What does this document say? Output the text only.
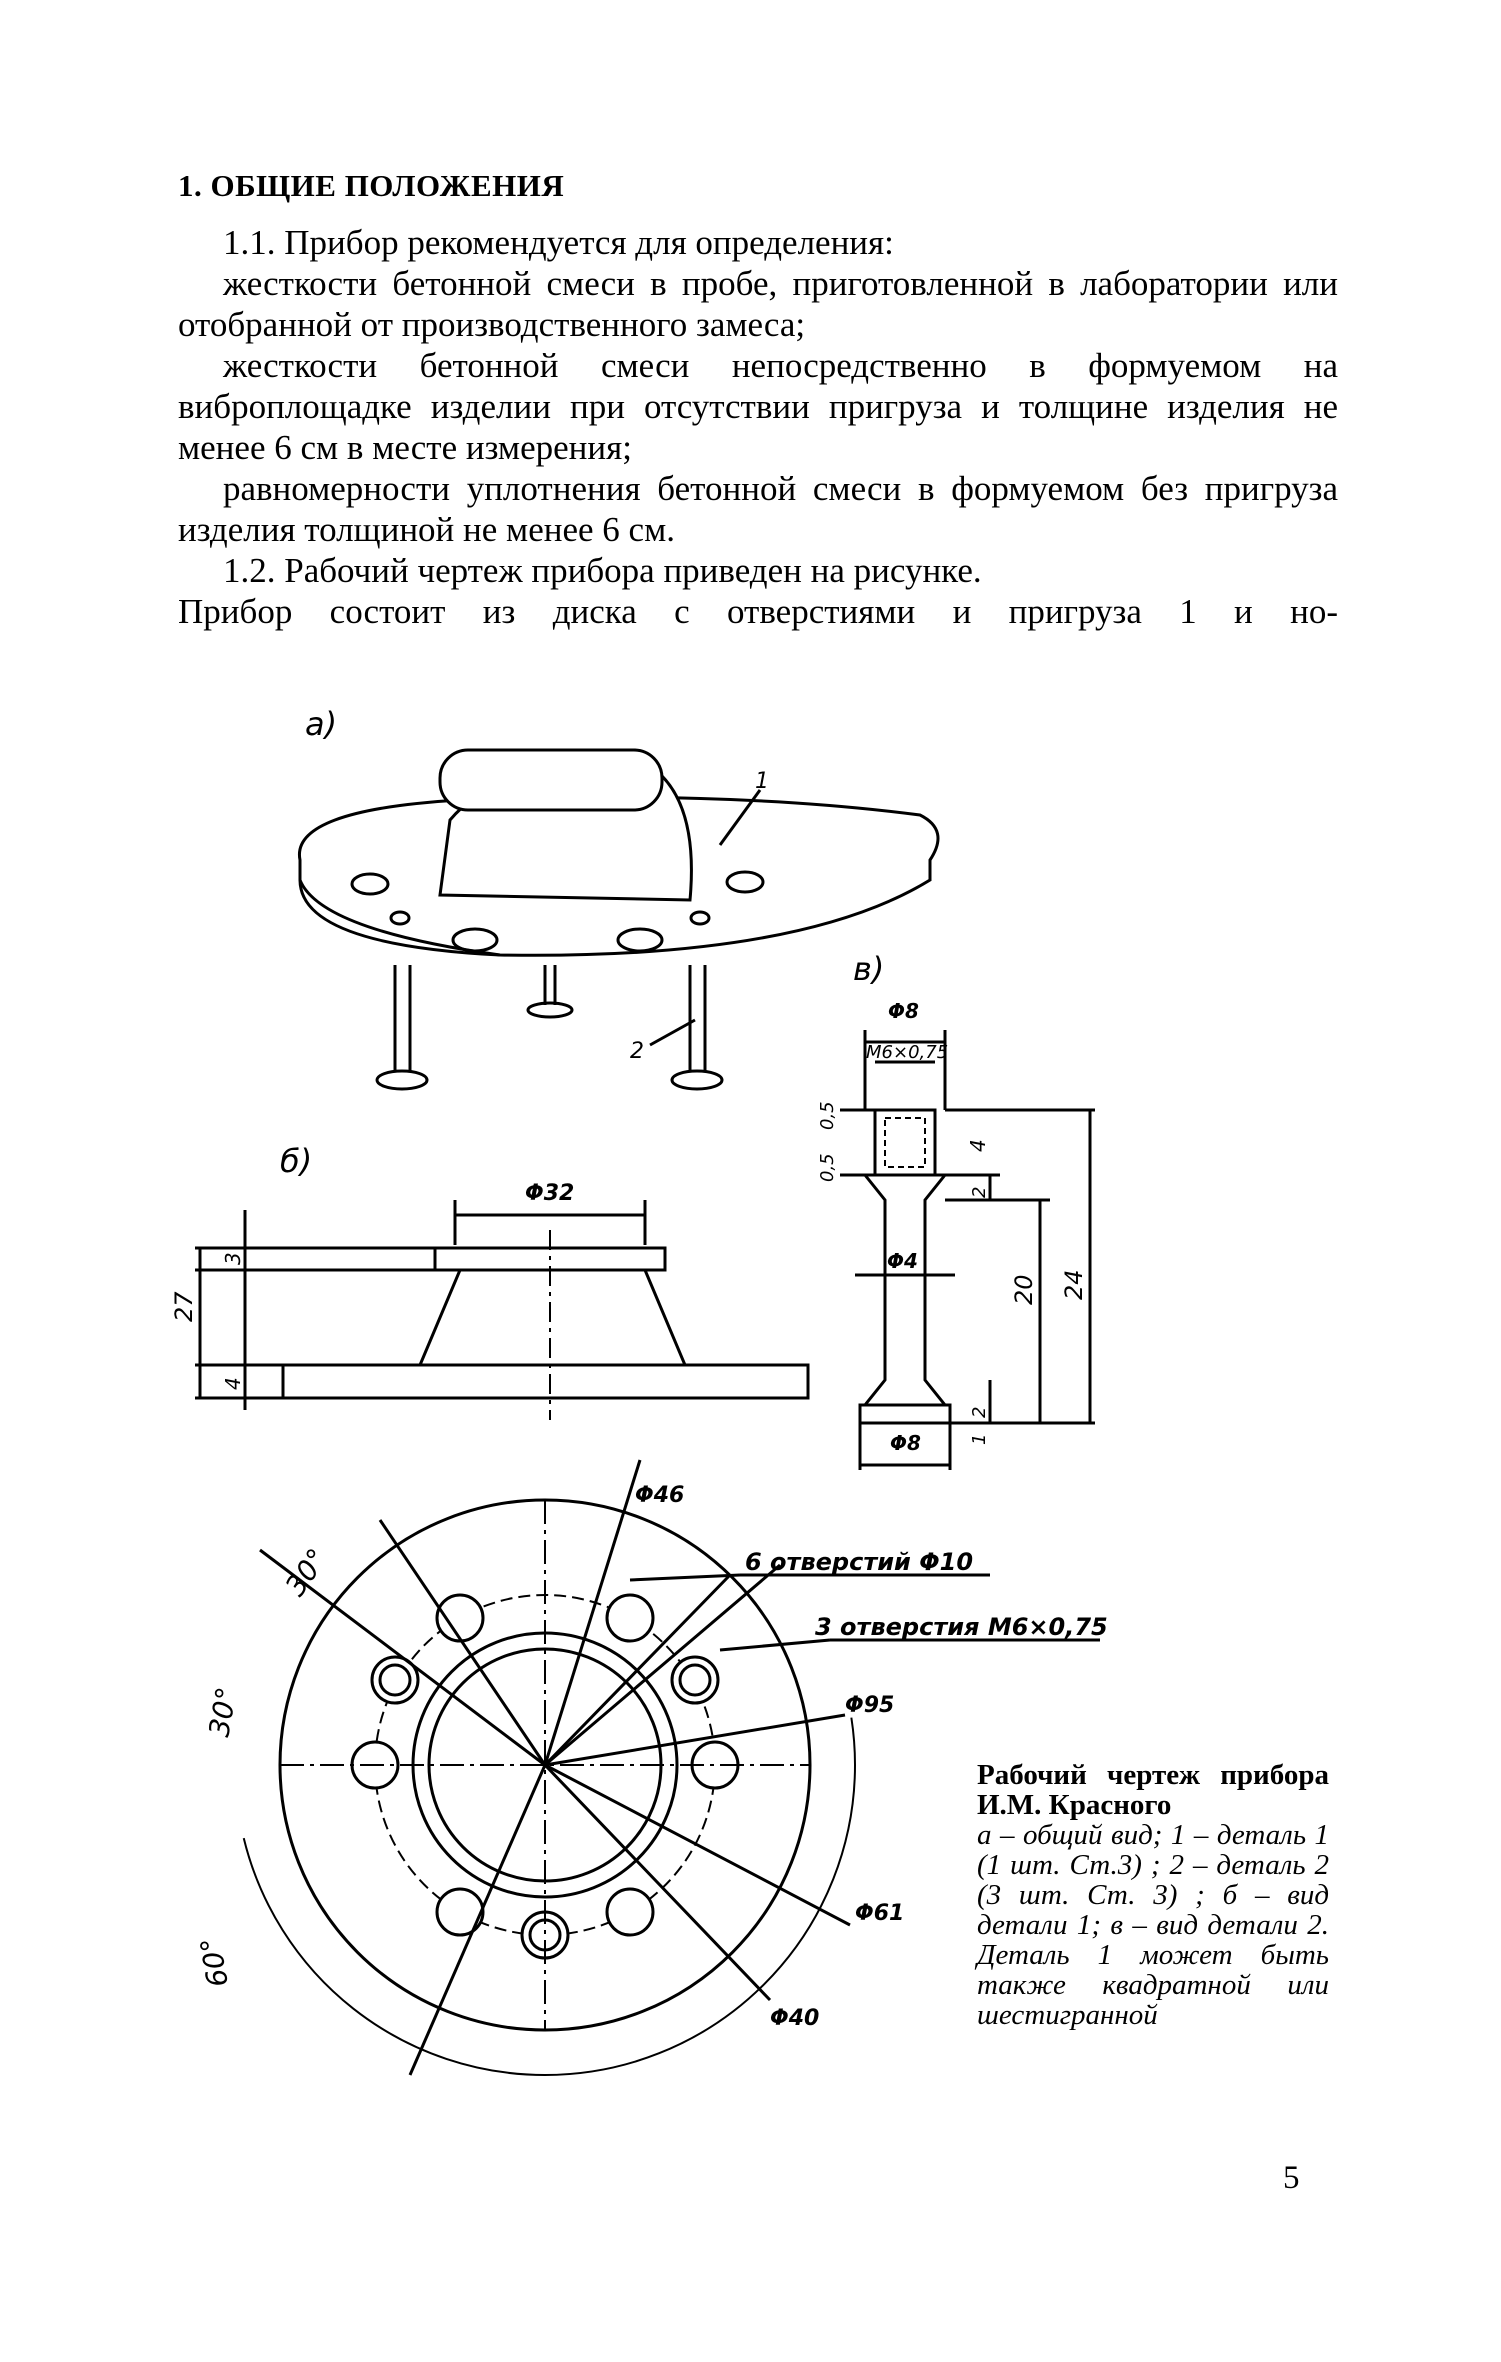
1. ОБЩИЕ ПОЛОЖЕНИЯ

1.1. Прибор рекомендуется для определения:

жесткости бетонной смеси в пробе, приготовленной в лаборатории или отобранной от производственного замеса;

жесткости бетонной смеси непосредственно в формуемом на виброплощадке изделии при отсутствии пригруза и толщине изделия не менее 6 см в месте измерения;

равномерности уплотнения бетонной смеси в формуемом без пригруза изделия толщиной не менее 6 см.

1.2. Рабочий чертеж прибора приведен на рисунке.

Прибор состоит из диска с отверстиями и пригруза 1 и но-

а)
б)
в)
1
2
Φ32
27
3
4
Φ8
M6×0,75
0,5
0,5
4
2
Φ4
20 24
2
1
Φ8
Φ46
6 отверстий Φ10
3 отверстия M6×0,75
Φ95
Φ61
Φ40
30°
30°
60°

Рабочий чертеж прибора И.М. Красного

а – общий вид; 1 – деталь 1 (1 шт. Ст.3) ; 2 – деталь 2 (3 шт. Ст. 3) ; б – вид детали 1; в – вид детали 2. Деталь 1 может быть также квадратной или шестигранной

5
